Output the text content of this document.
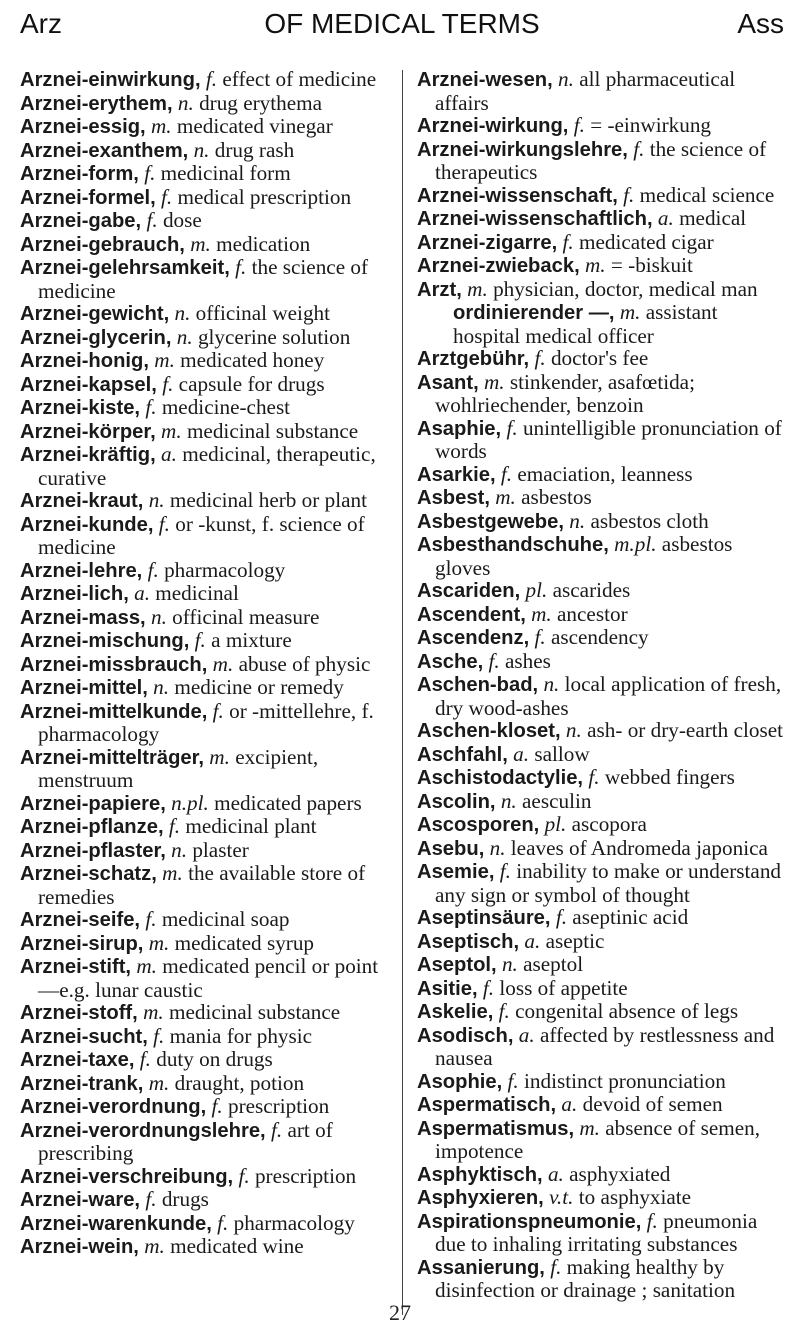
Arz	OF MEDICAL TERMS	Ass

Arznei-einwirkung, f. effect of medicine

Arznei-erythem, n. drug erythema

Arznei-essig, m. medicated vinegar

Arznei-exanthem, n. drug rash

Arznei-form, f. medicinal form

Arznei-formel, f. medical prescription

Arznei-gabe, f. dose

Arznei-gebrauch, m. medication

Arznei-gelehrsamkeit, f. the science of medicine

Arznei-gewicht, n. officinal weight

Arznei-glycerin, n. glycerine solution

Arznei-honig, m. medicated honey

Arznei-kapsel, f. capsule for drugs

Arznei-kiste, f. medicine-chest

Arznei-körper, m. medicinal substance

Arznei-kräftig, a. medicinal, therapeutic, curative

Arznei-kraut, n. medicinal herb or plant

Arznei-kunde, f. or -kunst, f. science of medicine

Arznei-lehre, f. pharmacology

Arznei-lich, a. medicinal

Arznei-mass, n. officinal measure

Arznei-mischung, f. a mixture

Arznei-missbrauch, m. abuse of physic

Arznei-mittel, n. medicine or remedy

Arznei-mittelkunde, f. or -mittellehre, f. pharmacology

Arznei-mittelträger, m. excipient, menstruum

Arznei-papiere, n.pl. medicated papers

Arznei-pflanze, f. medicinal plant

Arznei-pflaster, n. plaster

Arznei-schatz, m. the available store of remedies

Arznei-seife, f. medicinal soap

Arznei-sirup, m. medicated syrup

Arznei-stift, m. medicated pencil or point—e.g. lunar caustic

Arznei-stoff, m. medicinal substance

Arznei-sucht, f. mania for physic

Arznei-taxe, f. duty on drugs

Arznei-trank, m. draught, potion

Arznei-verordnung, f. prescription

Arznei-verordnungslehre, f. art of prescribing

Arznei-verschreibung, f. prescription

Arznei-ware, f. drugs

Arznei-warenkunde, f. pharmacology

Arznei-wein, m. medicated wine

Arznei-wesen, n. all pharmaceutical affairs

Arznei-wirkung, f. = -einwirkung

Arznei-wirkungslehre, f. the science of therapeutics

Arznei-wissenschaft, f. medical science

Arznei-wissenschaftlich, a. medical

Arznei-zigarre, f. medicated cigar

Arznei-zwieback, m. = -biskuit

Arzt, m. physician, doctor, medical man

ordinierender —, m. assistant hospital medical officer

Arztgebühr, f. doctor's fee

Asant, m. stinkender, asafœtida; wohlriechender, benzoin

Asaphie, f. unintelligible pronunciation of words

Asarkie, f. emaciation, leanness

Asbest, m. asbestos

Asbestgewebe, n. asbestos cloth

Asbesthandschuhe, m.pl. asbestos gloves

Ascariden, pl. ascarides

Ascendent, m. ancestor

Ascendenz, f. ascendency

Asche, f. ashes

Aschen-bad, n. local application of fresh, dry wood-ashes

Aschen-kloset, n. ash- or dry-earth closet

Aschfahl, a. sallow

Aschistodactylie, f. webbed fingers

Ascolin, n. aesculin

Ascosporen, pl. ascopora

Asebu, n. leaves of Andromeda japonica

Asemie, f. inability to make or understand any sign or symbol of thought

Aseptinsäure, f. aseptinic acid

Aseptisch, a. aseptic

Aseptol, n. aseptol

Asitie, f. loss of appetite

Askelie, f. congenital absence of legs

Asodisch, a. affected by restlessness and nausea

Asophie, f. indistinct pronunciation

Aspermatisch, a. devoid of semen

Aspermatismus, m. absence of semen, impotence

Asphyktisch, a. asphyxiated

Asphyxieren, v.t. to asphyxiate

Aspirationspneumonie, f. pneumonia due to inhaling irritating substances

Assanierung, f. making healthy by disinfection or drainage ; sanitation

27
